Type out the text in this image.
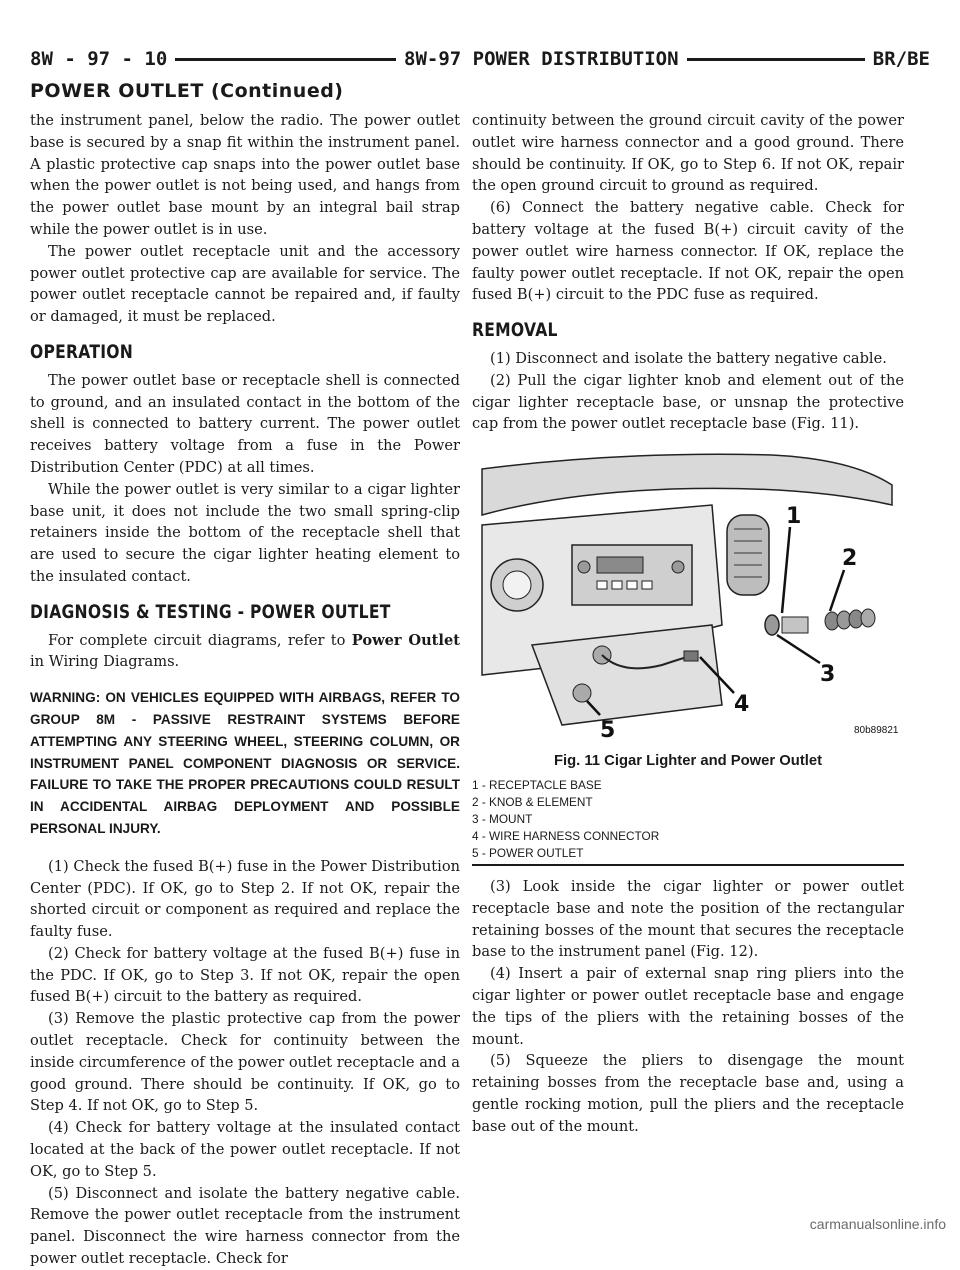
8W - 97 - 10	8W-97 POWER DISTRIBUTION	BR/BE
POWER OUTLET (Continued)

the instrument panel, below the radio. The power outlet base is secured by a snap fit within the instrument panel. A plastic protective cap snaps into the power outlet base when the power outlet is not being used, and hangs from the power outlet base mount by an integral bail strap while the power outlet is in use.

The power outlet receptacle unit and the accessory power outlet protective cap are available for service. The power outlet receptacle cannot be repaired and, if faulty or damaged, it must be replaced.

OPERATION

The power outlet base or receptacle shell is connected to ground, and an insulated contact in the bottom of the shell is connected to battery current. The power outlet receives battery voltage from a fuse in the Power Distribution Center (PDC) at all times.

While the power outlet is very similar to a cigar lighter base unit, it does not include the two small spring-clip retainers inside the bottom of the receptacle shell that are used to secure the cigar lighter heating element to the insulated contact.

DIAGNOSIS & TESTING - POWER OUTLET

For complete circuit diagrams, refer to Power Outlet in Wiring Diagrams.

WARNING: ON VEHICLES EQUIPPED WITH AIRBAGS, REFER TO GROUP 8M - PASSIVE RESTRAINT SYSTEMS BEFORE ATTEMPTING ANY STEERING WHEEL, STEERING COLUMN, OR INSTRUMENT PANEL COMPONENT DIAGNOSIS OR SERVICE. FAILURE TO TAKE THE PROPER PRECAUTIONS COULD RESULT IN ACCIDENTAL AIRBAG DEPLOYMENT AND POSSIBLE PERSONAL INJURY.

(1) Check the fused B(+) fuse in the Power Distribution Center (PDC). If OK, go to Step 2. If not OK, repair the shorted circuit or component as required and replace the faulty fuse.

(2) Check for battery voltage at the fused B(+) fuse in the PDC. If OK, go to Step 3. If not OK, repair the open fused B(+) circuit to the battery as required.

(3) Remove the plastic protective cap from the power outlet receptacle. Check for continuity between the inside circumference of the power outlet receptacle and a good ground. There should be continuity. If OK, go to Step 4. If not OK, go to Step 5.

(4) Check for battery voltage at the insulated contact located at the back of the power outlet receptacle. If not OK, go to Step 5.

(5) Disconnect and isolate the battery negative cable. Remove the power outlet receptacle from the instrument panel. Disconnect the wire harness connector from the power outlet receptacle. Check for

continuity between the ground circuit cavity of the power outlet wire harness connector and a good ground. There should be continuity. If OK, go to Step 6. If not OK, repair the open ground circuit to ground as required.

(6) Connect the battery negative cable. Check for battery voltage at the fused B(+) circuit cavity of the power outlet wire harness connector. If OK, replace the faulty power outlet receptacle. If not OK, repair the open fused B(+) circuit to the PDC fuse as required.

REMOVAL

(1) Disconnect and isolate the battery negative cable.

(2) Pull the cigar lighter knob and element out of the cigar lighter receptacle base, or unsnap the protective cap from the power outlet receptacle base (Fig. 11).

1
2
3
4
5	80b89821
Fig. 11 Cigar Lighter and Power Outlet
1 - RECEPTACLE BASE
2 - KNOB & ELEMENT
3 - MOUNT
4 - WIRE HARNESS CONNECTOR
5 - POWER OUTLET

(3) Look inside the cigar lighter or power outlet receptacle base and note the position of the rectangular retaining bosses of the mount that secures the receptacle base to the instrument panel (Fig. 12).

(4) Insert a pair of external snap ring pliers into the cigar lighter or power outlet receptacle base and engage the tips of the pliers with the retaining bosses of the mount.

(5) Squeeze the pliers to disengage the mount retaining bosses from the receptacle base and, using a gentle rocking motion, pull the pliers and the receptacle base out of the mount.

carmanualsonline.info
